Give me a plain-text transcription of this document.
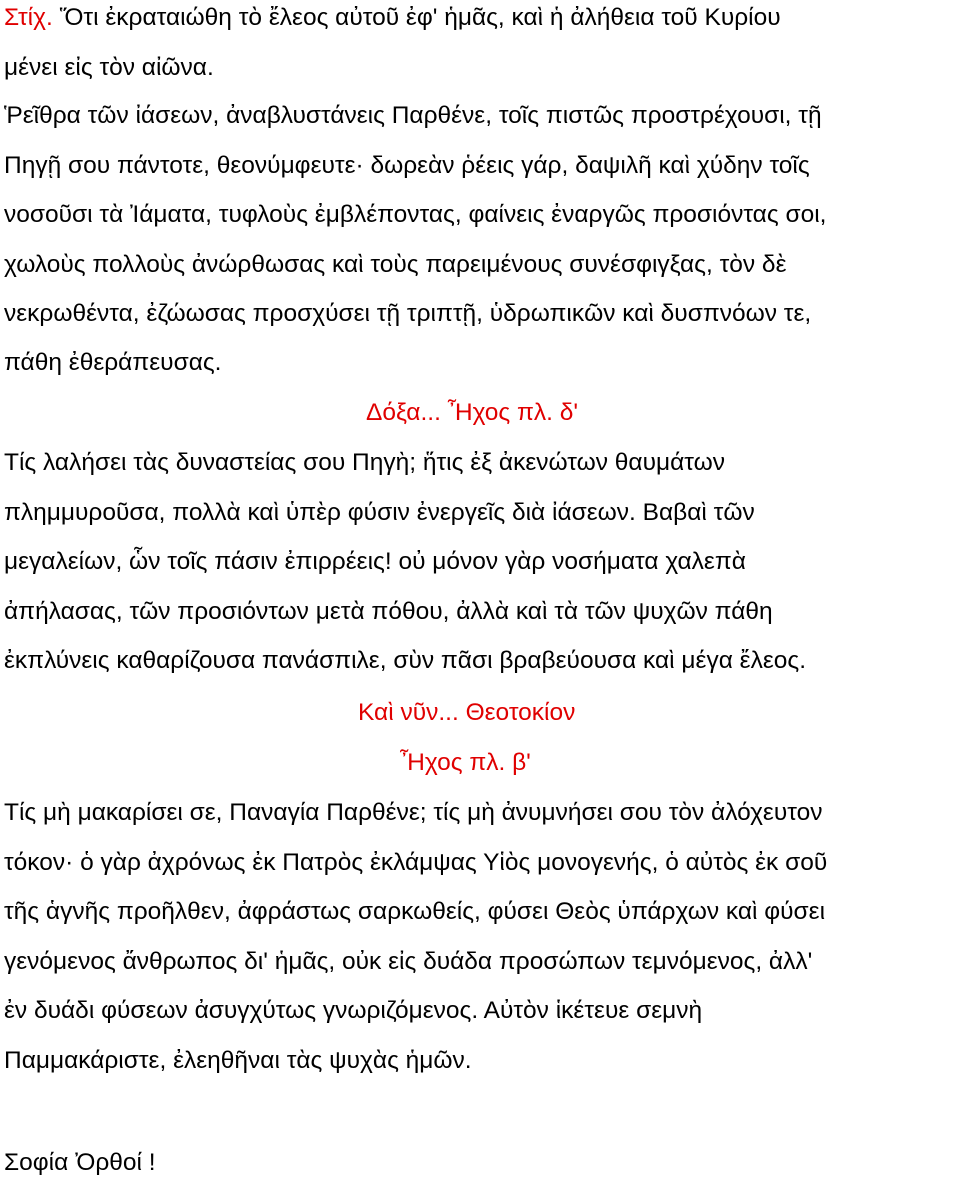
Στίχ. Ὅτι ἐκραταιώθη τὸ ἔλεος αὐτοῦ ἐφ' ἡμᾶς, καὶ ἡ ἀλήθεια τοῦ Κυρίου
μένει εἰς τὸν αἰῶνα.
Ῥεῖθρα τῶν ἰάσεων, ἀναβλυστάνεις Παρθένε, τοῖς πιστῶς προστρέχουσι, τῇ
Πηγῇ σου πάντοτε, θεονύμφευτε· δωρεὰν ῥέεις γάρ, δαψιλῆ καὶ χύδην τοῖς
νοσοῦσι τὰ Ἰάματα, τυφλοὺς ἐμβλέποντας, φαίνεις ἐναργῶς προσιόντας σοι,
χωλοὺς πολλοὺς ἀνώρθωσας καὶ τοὺς παρειμένους συνέσφιγξας, τὸν δὲ
νεκρωθέντα, ἐζώωσας προσχύσει τῇ τριπτῇ, ὑδρωπικῶν καὶ δυσπνόων τε,
πάθη ἐθεράπευσας.
Δόξα... Ἦχος πλ. δ'
Τίς λαλήσει τὰς δυναστείας σου Πηγὴ; ἥτις ἐξ ἀκενώτων θαυμάτων
πλημμυροῦσα, πολλὰ καὶ ὑπὲρ φύσιν ἐνεργεῖς διὰ ἰάσεων. Βαβαὶ τῶν
μεγαλείων, ὧν τοῖς πάσιν ἐπιρρέεις! οὐ μόνον γὰρ νοσήματα χαλεπὰ
ἀπήλασας, τῶν προσιόντων μετὰ πόθου, ἀλλὰ καὶ τὰ τῶν ψυχῶν πάθη
ἐκπλύνεις καθαρίζουσα πανάσπιλε, σὺν πᾶσι βραβεύουσα καὶ μέγα ἔλεος.
Καὶ νῦν... Θεοτοκίον
Ἦχος πλ. β'
Τίς μὴ μακαρίσει σε, Παναγία Παρθένε; τίς μὴ ἀνυμνήσει σου τὸν ἀλόχευτον
τόκον· ὁ γὰρ ἀχρόνως ἐκ Πατρὸς ἐκλάμψας Υἱὸς μονογενής, ὁ αὐτὸς ἐκ σοῦ
τῆς ἁγνῆς προῆλθεν, ἀφράστως σαρκωθείς, φύσει Θεὸς ὑπάρχων καὶ φύσει
γενόμενος ἄνθρωπος δι' ἡμᾶς, οὐκ εἰς δυάδα προσώπων τεμνόμενος, ἀλλ'
ἐν δυάδι φύσεων ἀσυγχύτως γνωριζόμενος. Αὐτὸν ἱκέτευε σεμνὴ
Παμμακάριστε, ἐλεηθῆναι τὰς ψυχὰς ἡμῶν.
Σοφία Ὀρθοί !
